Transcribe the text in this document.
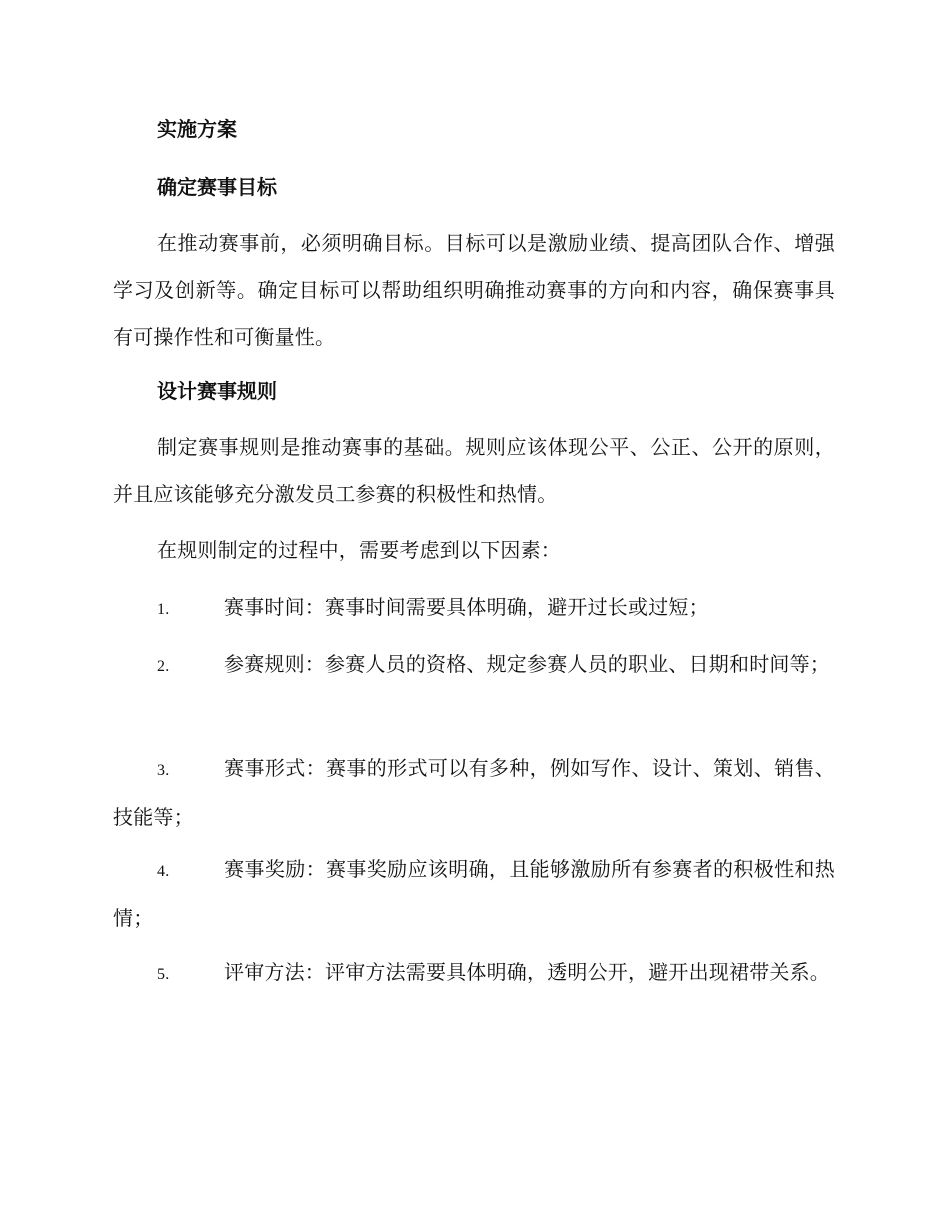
实施方案
确定赛事目标
在推动赛事前，必须明确目标。目标可以是激励业绩、提高团队合作、增强学习及创新等。确定目标可以帮助组织明确推动赛事的方向和内容，确保赛事具有可操作性和可衡量性。
设计赛事规则
制定赛事规则是推动赛事的基础。规则应该体现公平、公正、公开的原则，并且应该能够充分激发员工参赛的积极性和热情。
在规则制定的过程中，需要考虑到以下因素：
1.	赛事时间：赛事时间需要具体明确，避开过长或过短；
2.	参赛规则：参赛人员的资格、规定参赛人员的职业、日期和时间等；
3.	赛事形式：赛事的形式可以有多种，例如写作、设计、策划、销售、技能等；
4.	赛事奖励：赛事奖励应该明确，且能够激励所有参赛者的积极性和热情；
5.	评审方法：评审方法需要具体明确，透明公开，避开出现裙带关系。
